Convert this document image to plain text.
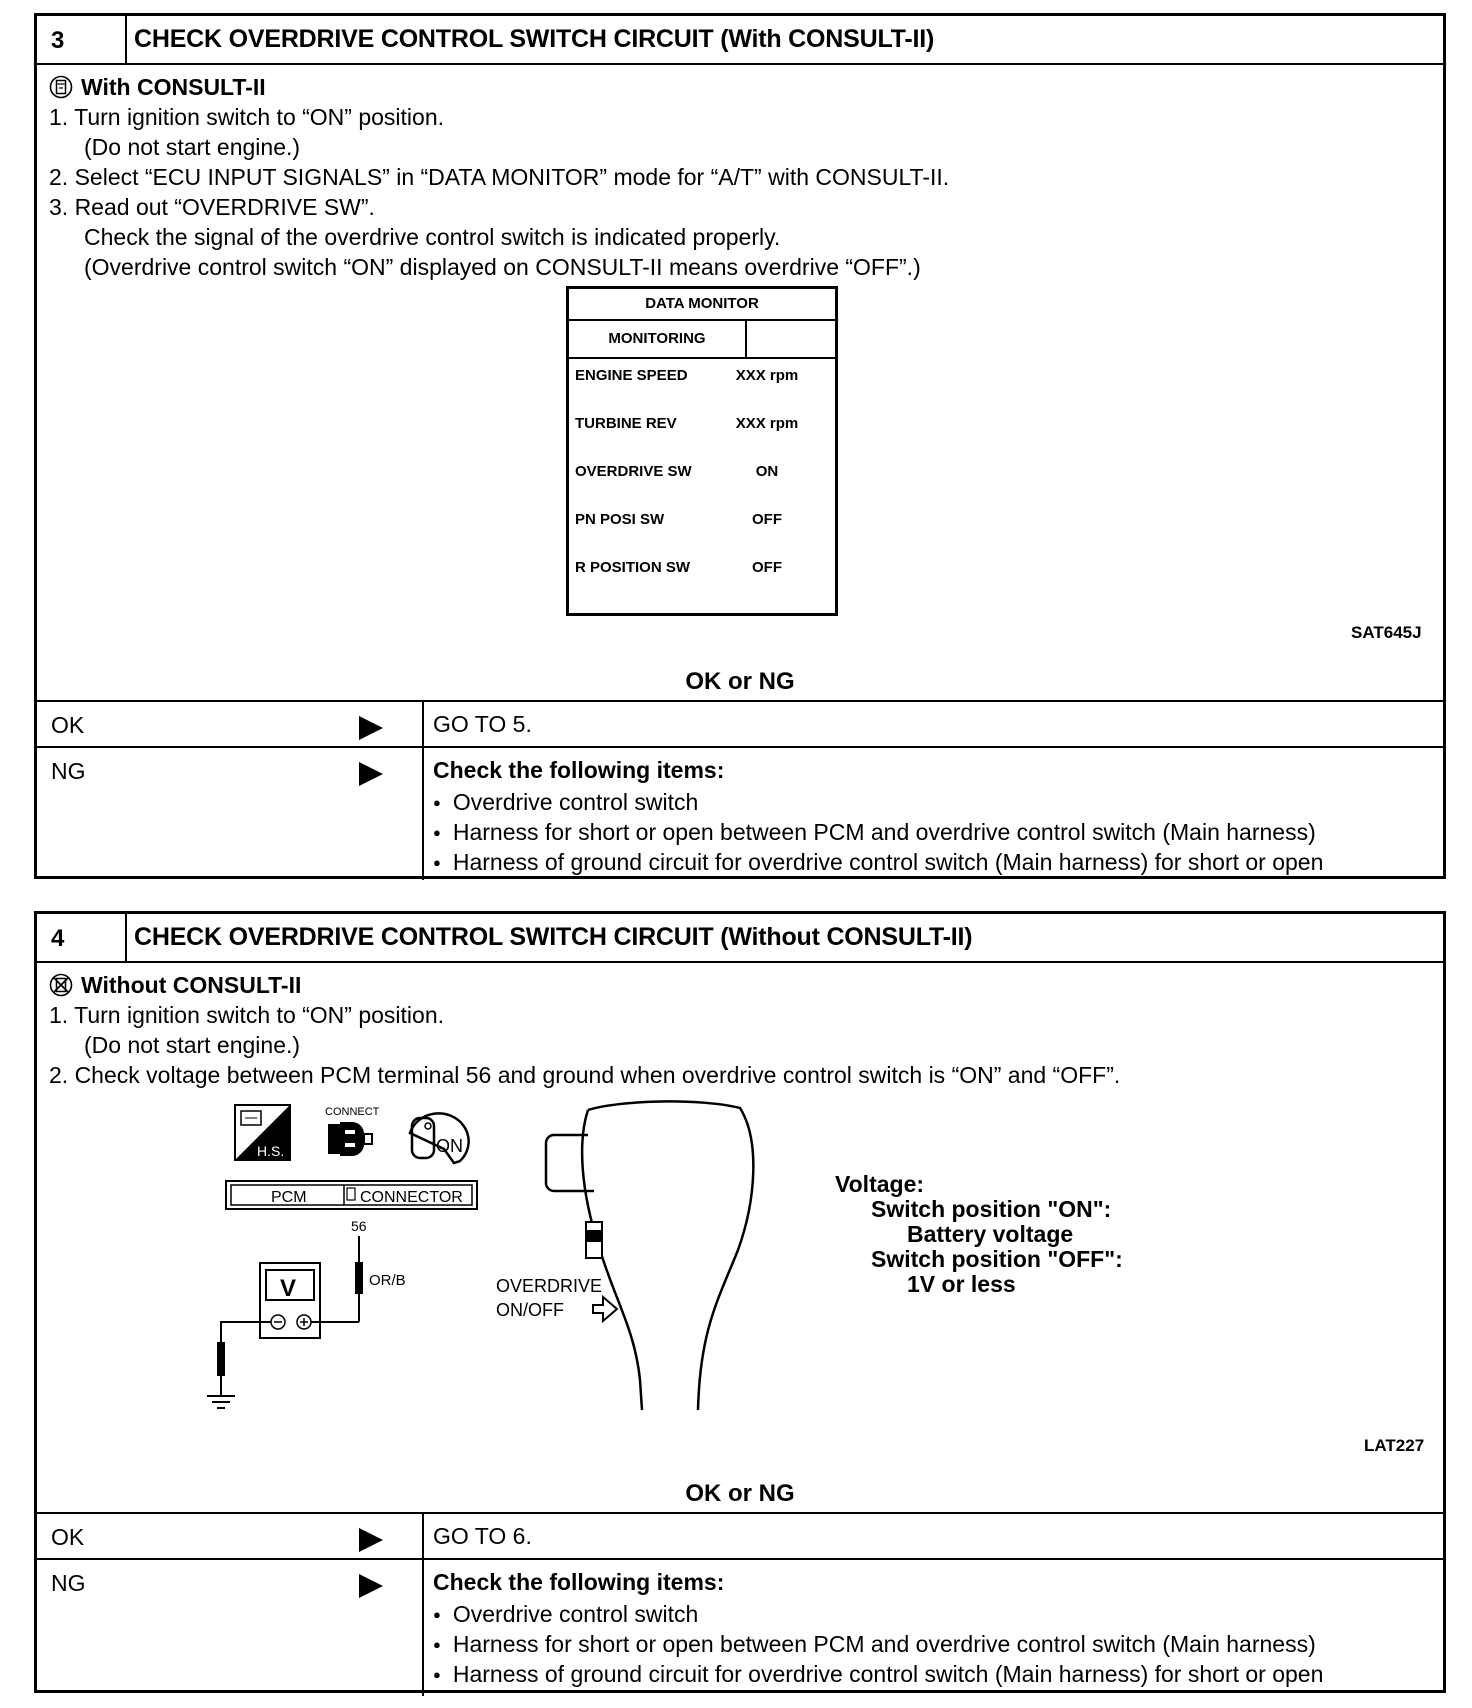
3	CHECK OVERDRIVE CONTROL SWITCH CIRCUIT (With CONSULT-II)
With CONSULT-II
1. Turn ignition switch to “ON” position.
(Do not start engine.)
2. Select “ECU INPUT SIGNALS” in “DATA MONITOR” mode for “A/T” with CONSULT-II.
3. Read out “OVERDRIVE SW”.
Check the signal of the overdrive control switch is indicated properly.
(Overdrive control switch “ON” displayed on CONSULT-II means overdrive “OFF”.)
SAT645J
OK or NG
OK	GO TO 5.
NG	Check the following items:
● Overdrive control switch
● Harness for short or open between PCM and overdrive control switch (Main harness)
● Harness of ground circuit for overdrive control switch (Main harness) for short or open
DATA MONITOR
MONITORING
ENGINE SPEED	XXX rpm
TURBINE REV	XXX rpm
OVERDRIVE SW	ON
PN POSI SW	OFF
R POSITION SW	OFF
4	CHECK OVERDRIVE CONTROL SWITCH CIRCUIT (Without CONSULT-II)
Without CONSULT-II
1. Turn ignition switch to “ON” position.
(Do not start engine.)
2. Check voltage between PCM terminal 56 and ground when overdrive control switch is “ON” and “OFF”.
LAT227
OK or NG
OK	GO TO 6.
NG	Check the following items:
● Overdrive control switch
● Harness for short or open between PCM and overdrive control switch (Main harness)
● Harness of ground circuit for overdrive control switch (Main harness) for short or open
H.S.
CONNECT
ON
PCM	CONNECTOR
56
OR/B
V	OVERDRIVE
ON/OFF
Voltage:
Switch position "ON":
Battery voltage
Switch position "OFF":
1V or less
